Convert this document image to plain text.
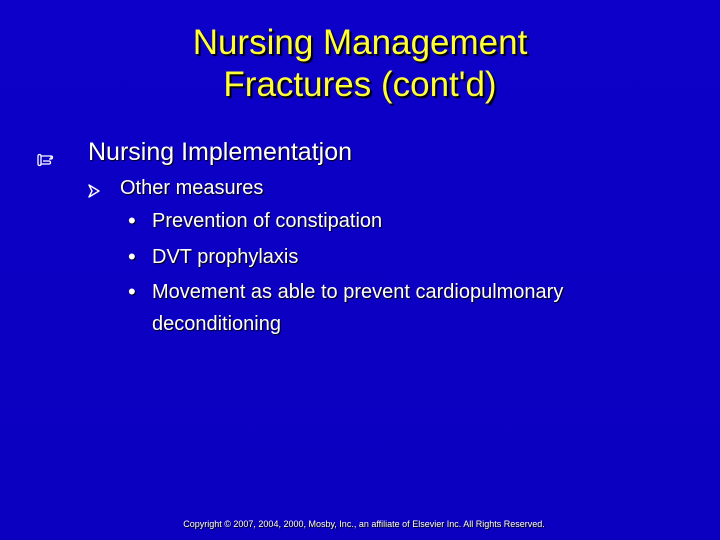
Nursing Management
Fractures (cont'd)
Nursing Implementatjon
Other measures
• Prevention of constipation
• DVT prophylaxis
• Movement as able to prevent cardiopulmonary deconditioning
Copyright © 2007, 2004, 2000, Mosby, Inc., an affiliate of Elsevier Inc. All Rights Reserved.
